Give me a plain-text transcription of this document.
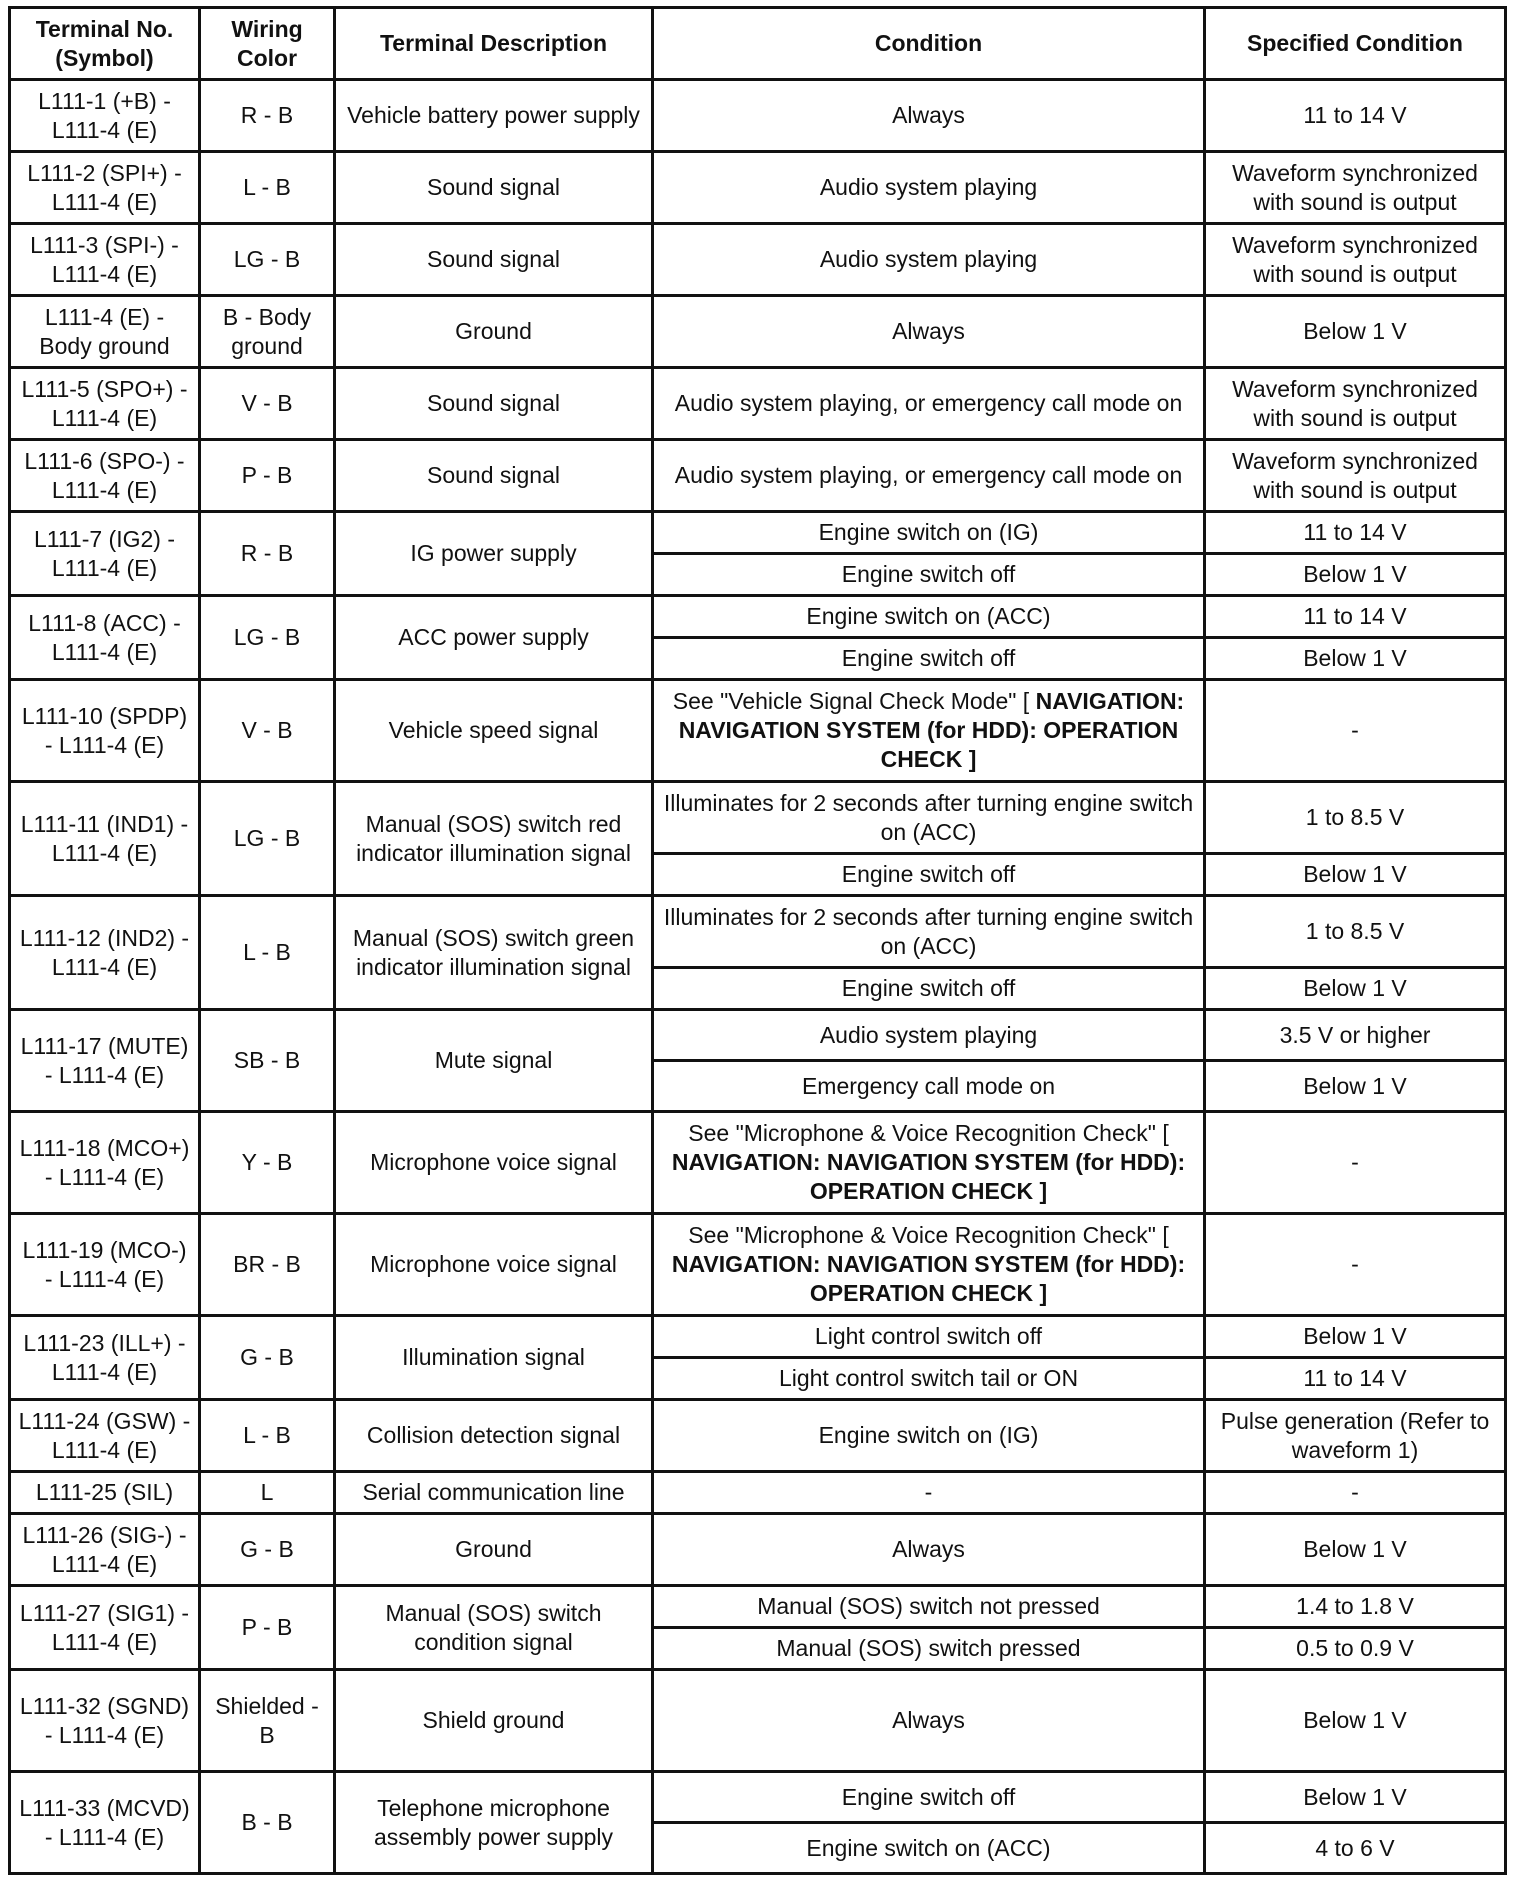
Terminal No. (Symbol)	Wiring Color	Terminal Description	Condition	Specified Condition
L111-1 (+B) - L111-4 (E)	R - B	Vehicle battery power supply	Always	11 to 14 V
L111-2 (SPI+) - L111-4 (E)	L - B	Sound signal	Audio system playing	Waveform synchronized with sound is output
L111-3 (SPI-) - L111-4 (E)	LG - B	Sound signal	Audio system playing	Waveform synchronized with sound is output
L111-4 (E) - Body ground	B - Body ground	Ground	Always	Below 1 V
L111-5 (SPO+) - L111-4 (E)	V - B	Sound signal	Audio system playing, or emergency call mode on	Waveform synchronized with sound is output
L111-6 (SPO-) - L111-4 (E)	P - B	Sound signal	Audio system playing, or emergency call mode on	Waveform synchronized with sound is output
L111-7 (IG2) - L111-4 (E)	R - B	IG power supply	Engine switch on (IG)	11 to 14 V
			Engine switch off	Below 1 V
L111-8 (ACC) - L111-4 (E)	LG - B	ACC power supply	Engine switch on (ACC)	11 to 14 V
			Engine switch off	Below 1 V
L111-10 (SPDP) - L111-4 (E)	V - B	Vehicle speed signal	See "Vehicle Signal Check Mode" [ NAVIGATION: NAVIGATION SYSTEM (for HDD): OPERATION CHECK ]	-
L111-11 (IND1) - L111-4 (E)	LG - B	Manual (SOS) switch red indicator illumination signal	Illuminates for 2 seconds after turning engine switch on (ACC)	1 to 8.5 V
			Engine switch off	Below 1 V
L111-12 (IND2) - L111-4 (E)	L - B	Manual (SOS) switch green indicator illumination signal	Illuminates for 2 seconds after turning engine switch on (ACC)	1 to 8.5 V
			Engine switch off	Below 1 V
L111-17 (MUTE) - L111-4 (E)	SB - B	Mute signal	Audio system playing	3.5 V or higher
			Emergency call mode on	Below 1 V
L111-18 (MCO+) - L111-4 (E)	Y - B	Microphone voice signal	See "Microphone & Voice Recognition Check" [ NAVIGATION: NAVIGATION SYSTEM (for HDD): OPERATION CHECK ]	-
L111-19 (MCO-) - L111-4 (E)	BR - B	Microphone voice signal	See "Microphone & Voice Recognition Check" [ NAVIGATION: NAVIGATION SYSTEM (for HDD): OPERATION CHECK ]	-
L111-23 (ILL+) - L111-4 (E)	G - B	Illumination signal	Light control switch off	Below 1 V
			Light control switch tail or ON	11 to 14 V
L111-24 (GSW) - L111-4 (E)	L - B	Collision detection signal	Engine switch on (IG)	Pulse generation (Refer to waveform 1)
L111-25 (SIL)	L	Serial communication line	-	-
L111-26 (SIG-) - L111-4 (E)	G - B	Ground	Always	Below 1 V
L111-27 (SIG1) - L111-4 (E)	P - B	Manual (SOS) switch condition signal	Manual (SOS) switch not pressed	1.4 to 1.8 V
			Manual (SOS) switch pressed	0.5 to 0.9 V
L111-32 (SGND) - L111-4 (E)	Shielded - B	Shield ground	Always	Below 1 V
L111-33 (MCVD) - L111-4 (E)	B - B	Telephone microphone assembly power supply	Engine switch off	Below 1 V
			Engine switch on (ACC)	4 to 6 V
